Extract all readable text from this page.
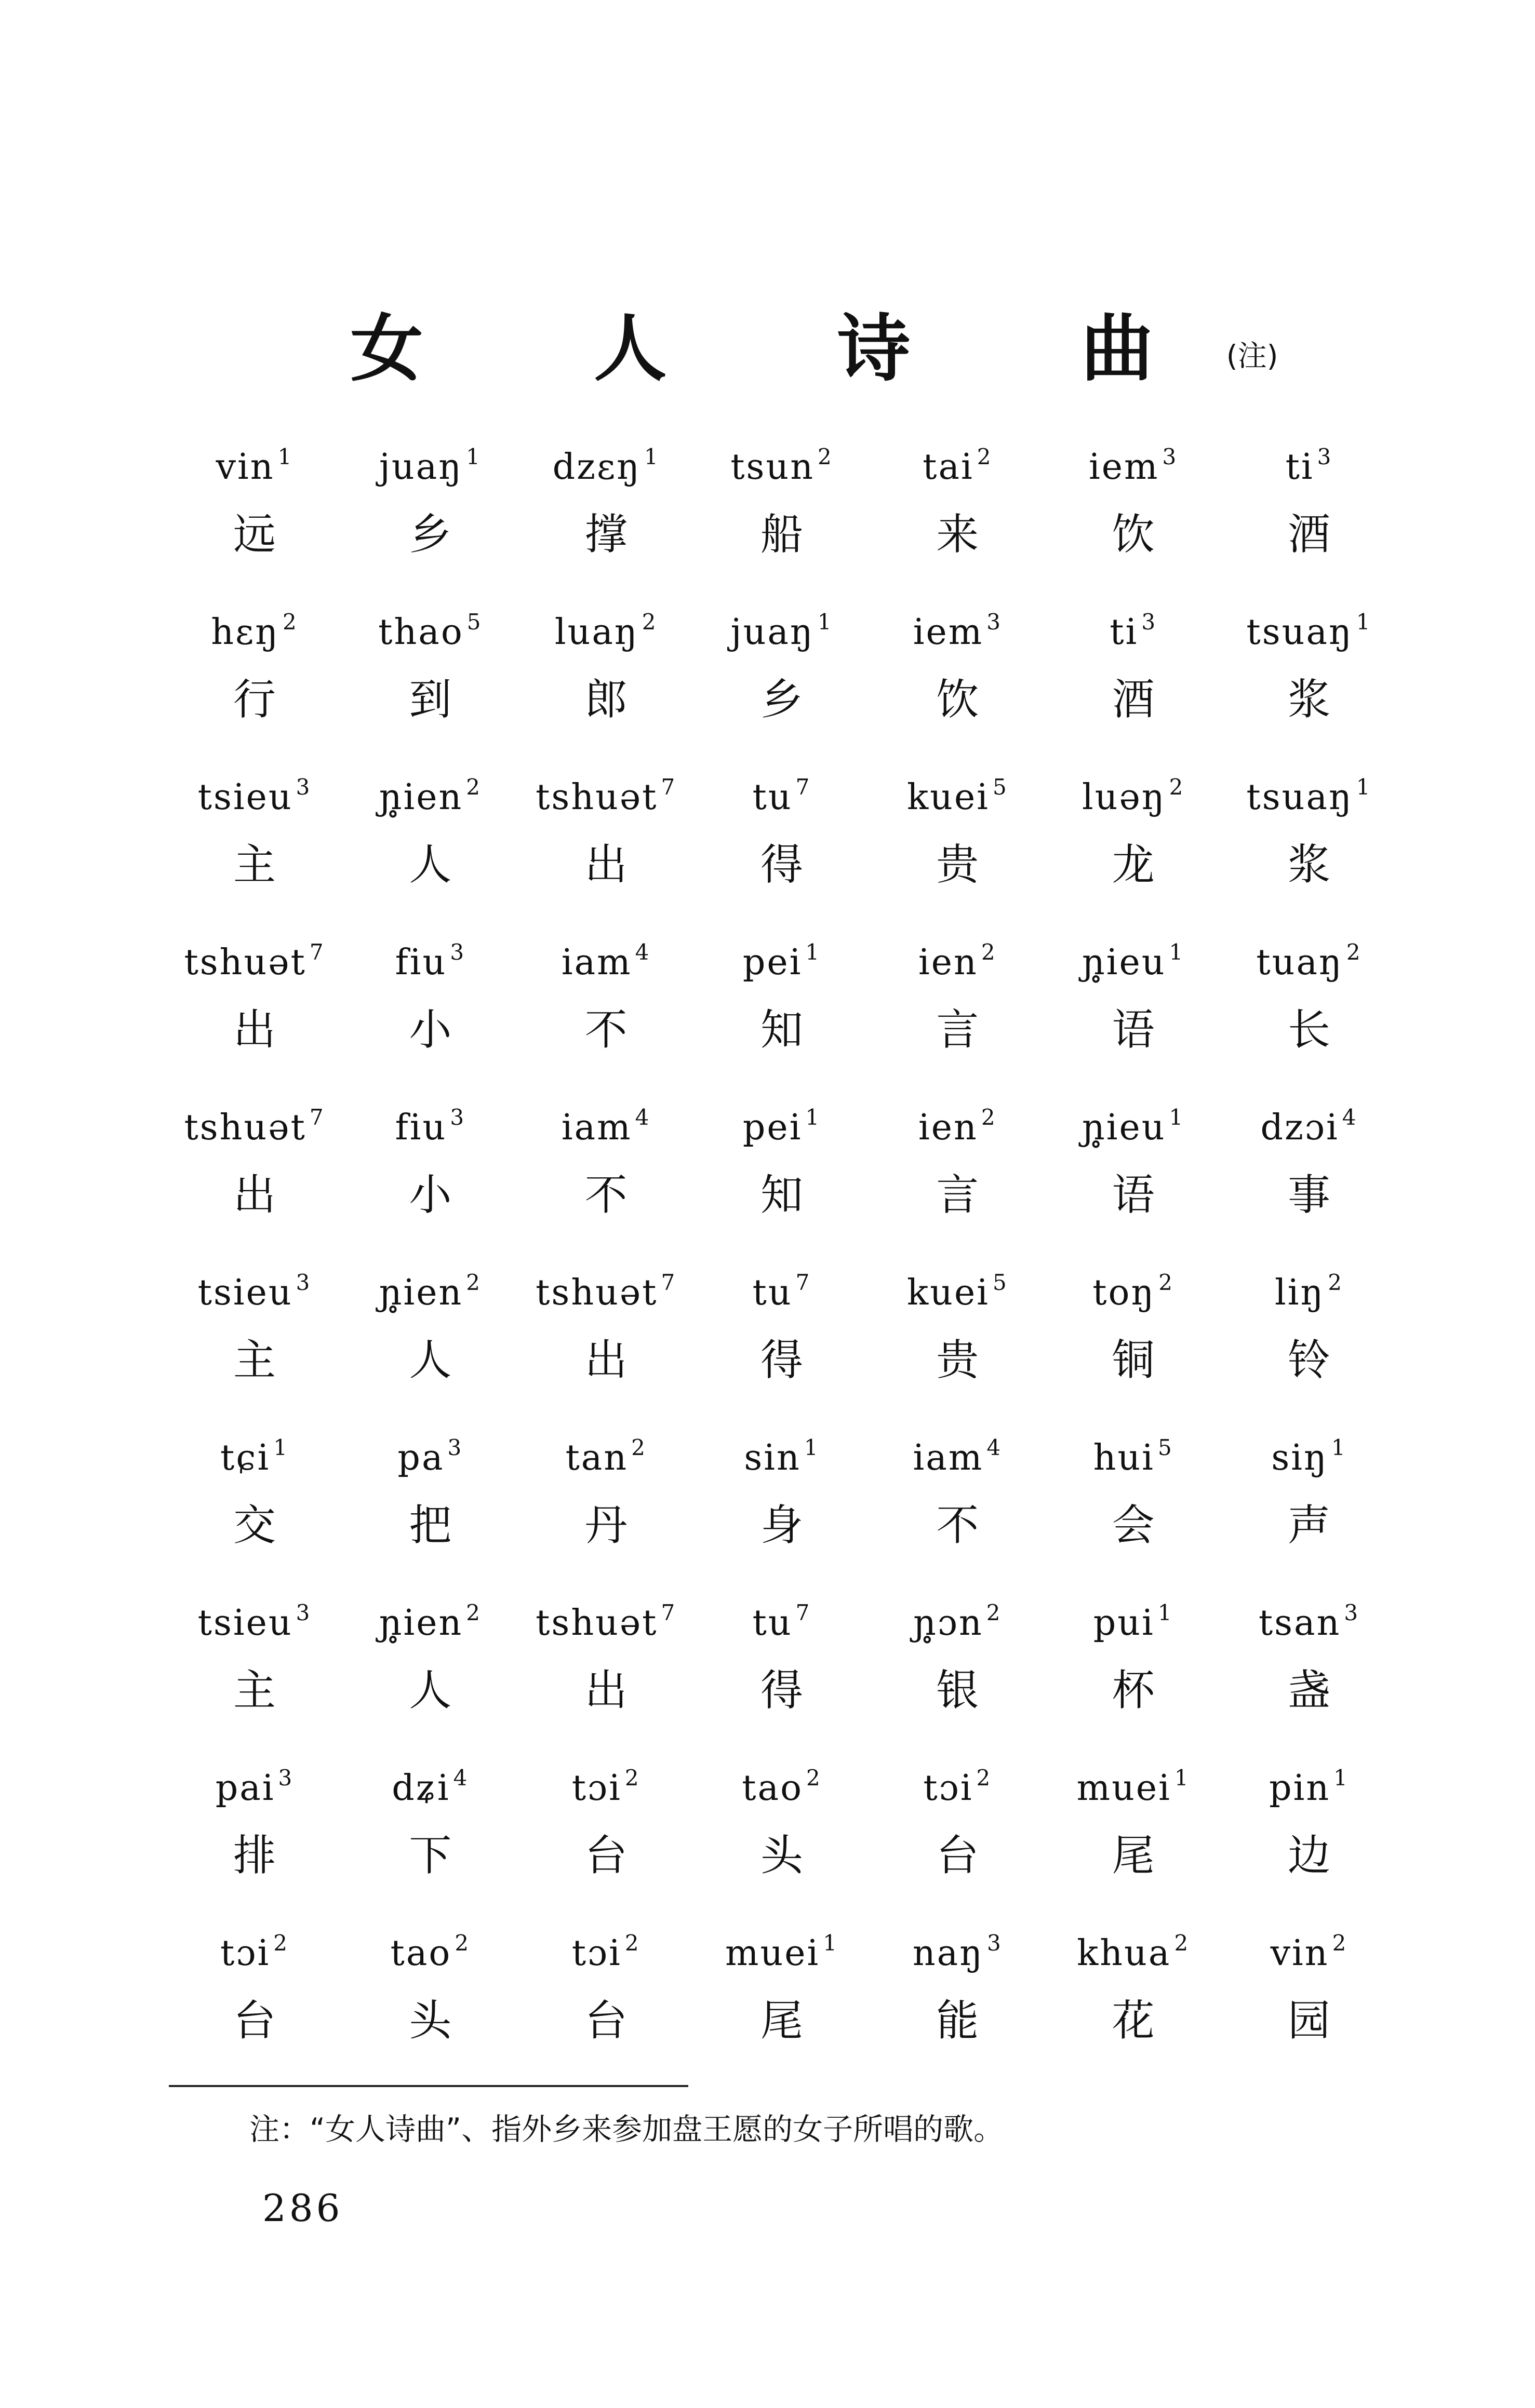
女 人 诗 曲(注)
vin $^1$	juaŋ $^1$	dzɛŋ $^1$	tsun $^2$	tai $^2$	iem $^3$	ti $^3$
远	乡	撑	船	来	饮	酒
hɛŋ $^2$	thao $^5$	luaŋ $^2$	juaŋ $^1$	iem $^3$	ti $^3$	tsuaŋ $^1$
行	到	郎	乡	饮	酒	浆
tsieu $^3$	ɲ̥ien $^2$	tshuət $^7$	tu $^7$	kuei $^5$	luəŋ $^2$	tsuaŋ $^1$
主	人	出	得	贵	龙	浆
tshuət $^7$	fiu $^3$	iam $^4$	pei $^1$	ien $^2$	ɲ̥ieu $^1$	tuaŋ $^2$
出	小	不	知	言	语	长
tshuət $^7$	fiu $^3$	iam $^4$	pei $^1$	ien $^2$	ɲ̥ieu $^1$	dzɔi $^4$
出	小	不	知	言	语	事
tsieu $^3$	ɲ̥ien $^2$	tshuət $^7$	tu $^7$	kuei $^5$	toŋ $^2$	liŋ $^2$
主	人	出	得	贵	铜	铃
tɕi $^1$	pa $^3$	tan $^2$	sin $^1$	iam $^4$	hui $^5$	siŋ $^1$
交	把	丹	身	不	会	声
tsieu $^3$	ɲ̥ien $^2$	tshuət $^7$	tu $^7$	ɲ̥ɔn $^2$	pui $^1$	tsan $^3$
主	人	出	得	银	杯	盏
pai $^3$	dʑi $^4$	tɔi $^2$	tao $^2$	tɔi $^2$	muei $^1$	pin $^1$
排	下	台	头	台	尾	边
tɔi $^2$	tao $^2$	tɔi $^2$	muei $^1$	naŋ $^3$	khua $^2$	vin $^2$
台	头	台	尾	能	花	园
注：“女人诗曲”、指外乡来参加盘王愿的女子所唱的歌。
286
